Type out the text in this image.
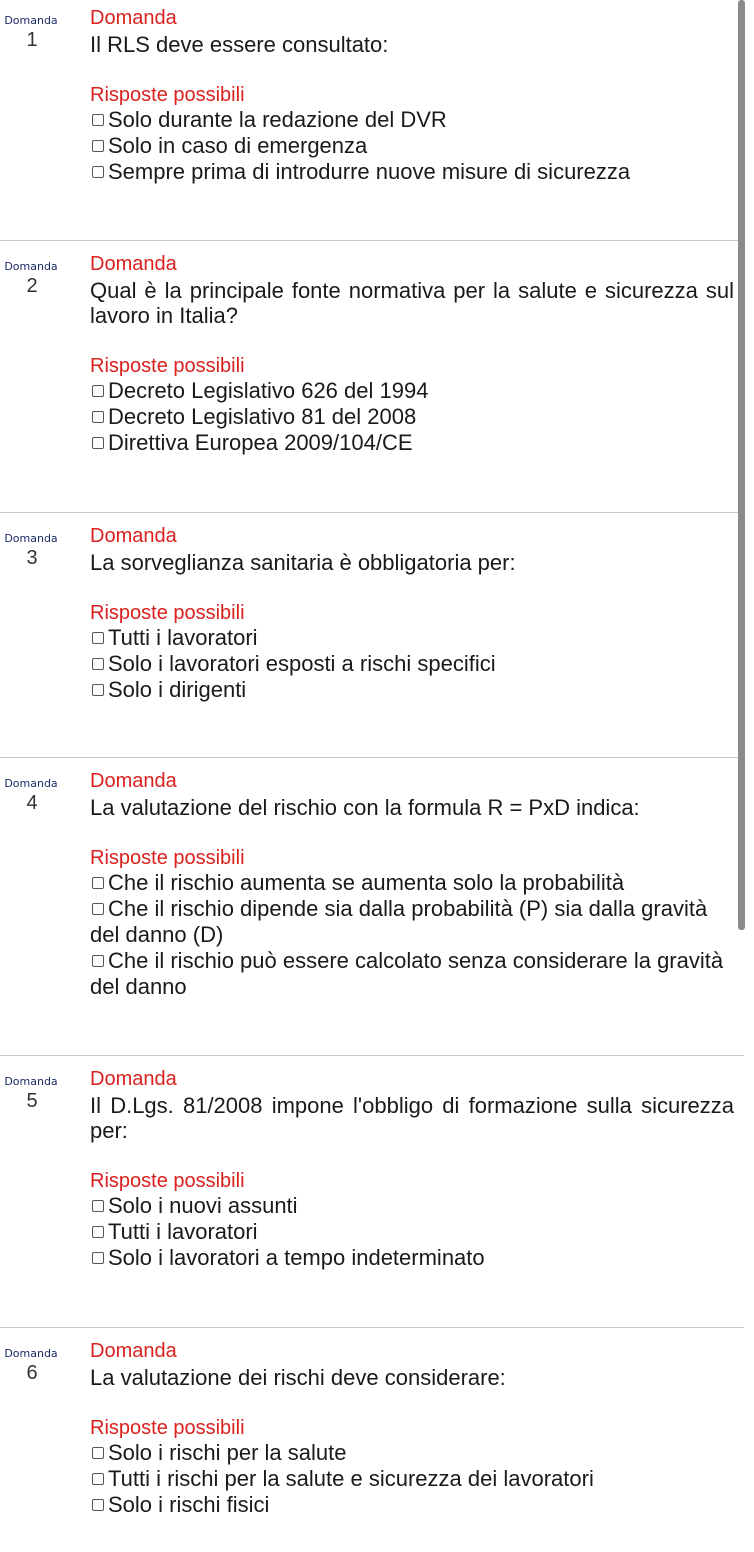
Domanda
1
Domanda
Il RLS deve essere consultato:
Risposte possibili
Solo durante la redazione del DVR
Solo in caso di emergenza
Sempre prima di introdurre nuove misure di sicurezza
Domanda
2
Domanda
Qual è la principale fonte normativa per la salute e sicurezza sul lavoro in Italia?
Risposte possibili
Decreto Legislativo 626 del 1994
Decreto Legislativo 81 del 2008
Direttiva Europea 2009/104/CE
Domanda
3
Domanda
La sorveglianza sanitaria è obbligatoria per:
Risposte possibili
Tutti i lavoratori
Solo i lavoratori esposti a rischi specifici
Solo i dirigenti
Domanda
4
Domanda
La valutazione del rischio con la formula R = PxD indica:
Risposte possibili
Che il rischio aumenta se aumenta solo la probabilità
Che il rischio dipende sia dalla probabilità (P) sia dalla gravità del danno (D)
Che il rischio può essere calcolato senza considerare la gravità del danno
Domanda
5
Domanda
Il D.Lgs. 81/2008 impone l'obbligo di formazione sulla sicurezza per:
Risposte possibili
Solo i nuovi assunti
Tutti i lavoratori
Solo i lavoratori a tempo indeterminato
Domanda
6
Domanda
La valutazione dei rischi deve considerare:
Risposte possibili
Solo i rischi per la salute
Tutti i rischi per la salute e sicurezza dei lavoratori
Solo i rischi fisici
